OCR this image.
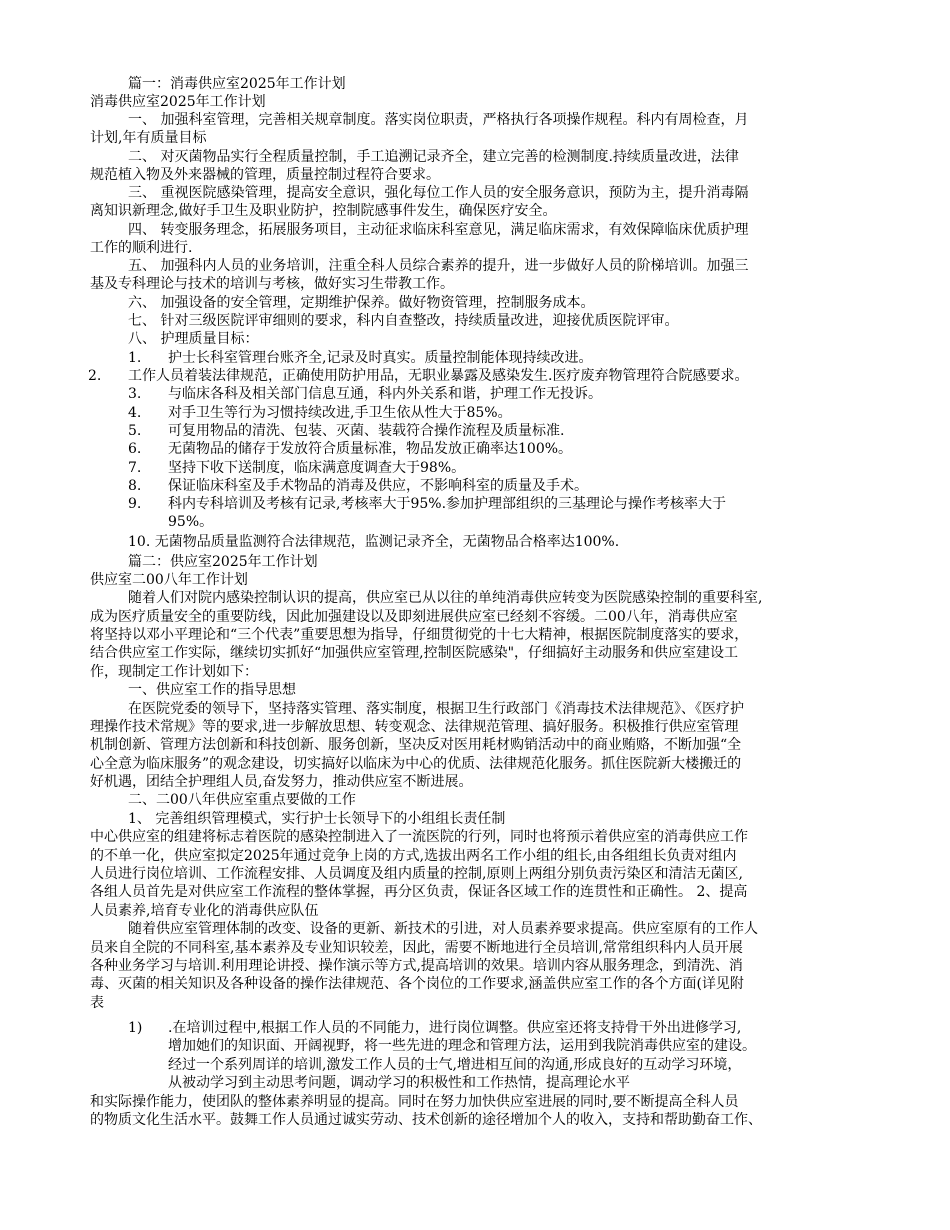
篇一：消毒供应室2025年工作计划
消毒供应室2025年工作计划
一、 加强科室管理，完善相关规章制度。落实岗位职责，严格执行各项操作规程。科内有周检查，月
计划,年有质量目标
二、 对灭菌物品实行全程质量控制，手工追溯记录齐全，建立完善的检测制度.持续质量改进，法律
规范植入物及外来器械的管理，质量控制过程符合要求。
三、 重视医院感染管理，提高安全意识，强化每位工作人员的安全服务意识，预防为主，提升消毒隔
离知识新理念,做好手卫生及职业防护，控制院感事件发生，确保医疗安全。
四、 转变服务理念，拓展服务项目，主动征求临床科室意见，满足临床需求，有效保障临床优质护理
工作的顺利进行.
五、 加强科内人员的业务培训，注重全科人员综合素养的提升，进一步做好人员的阶梯培训。加强三
基及专科理论与技术的培训与考核，做好实习生带教工作。
六、 加强设备的安全管理，定期维护保养。做好物资管理，控制服务成本。
七、 针对三级医院评审细则的要求，科内自查整改，持续质量改进，迎接优质医院评审。
八、 护理质量目标：
1. 护士长科室管理台账齐全,记录及时真实。质量控制能体现持续改进。
2. 工作人员着装法律规范，正确使用防护用品，无职业暴露及感染发生.医疗废弃物管理符合院感要求。
3. 与临床各科及相关部门信息互通，科内外关系和谐，护理工作无投诉。
4. 对手卫生等行为习惯持续改进,手卫生依从性大于85%。
5. 可复用物品的清洗、包装、灭菌、装载符合操作流程及质量标准.
6. 无菌物品的储存于发放符合质量标准，物品发放正确率达100%。
7. 坚持下收下送制度，临床满意度调查大于98%。
8. 保证临床科室及手术物品的消毒及供应，不影响科室的质量及手术。
9. 科内专科培训及考核有记录,考核率大于95%.参加护理部组织的三基理论与操作考核率大于
95%。
10. 无菌物品质量监测符合法律规范，监测记录齐全，无菌物品合格率达100%.
篇二：供应室2025年工作计划
供应室二00八年工作计划
随着人们对院内感染控制认识的提高，供应室已从以往的单纯消毒供应转变为医院感染控制的重要科室,
成为医疗质量安全的重要防线，因此加强建设以及即刻进展供应室已经刻不容缓。二00八年，消毒供应室
将坚持以邓小平理论和“三个代表”重要思想为指导，仔细贯彻党的十七大精神，根据医院制度落实的要求，
结合供应室工作实际，继续切实抓好“加强供应室管理,控制医院感染"，仔细搞好主动服务和供应室建设工
作，现制定工作计划如下：
一、供应室工作的指导思想
在医院党委的领导下，坚持落实管理、落实制度，根据卫生行政部门《消毒技术法律规范》、《医疗护
理操作技术常规》等的要求,进一步解放思想、转变观念、法律规范管理、搞好服务。积极推行供应室管理
机制创新、管理方法创新和科技创新、服务创新，坚决反对医用耗材购销活动中的商业贿赂，不断加强“全
心全意为临床服务”的观念建设，切实搞好以临床为中心的优质、法律规范化服务。抓住医院新大楼搬迁的
好机遇，团结全护理组人员,奋发努力，推动供应室不断进展。
二、二00八年供应室重点要做的工作
1、 完善组织管理模式，实行护士长领导下的小组组长责任制
中心供应室的组建将标志着医院的感染控制进入了一流医院的行列，同时也将预示着供应室的消毒供应工作
的不单一化，供应室拟定2025年通过竞争上岗的方式,选拔出两名工作小组的组长,由各组组长负责对组内
人员进行岗位培训、工作流程安排、人员调度及组内质量的控制,原则上两组分别负责污染区和清洁无菌区,
各组人员首先是对供应室工作流程的整体掌握，再分区负责，保证各区域工作的连贯性和正确性。 2、提高
人员素养,培育专业化的消毒供应队伍
随着供应室管理体制的改变、设备的更新、新技术的引进，对人员素养要求提高。供应室原有的工作人
员来自全院的不同科室,基本素养及专业知识较差，因此，需要不断地进行全员培训,常常组织科内人员开展
各种业务学习与培训.利用理论讲授、操作演示等方式,提高培训的效果。培训内容从服务理念，到清洗、消
毒、灭菌的相关知识及各种设备的操作法律规范、各个岗位的工作要求,涵盖供应室工作的各个方面(详见附
表
1) .在培训过程中,根据工作人员的不同能力，进行岗位调整。供应室还将支持骨干外出进修学习,
增加她们的知识面、开阔视野，将一些先进的理念和管理方法，运用到我院消毒供应室的建设。
经过一个系列周详的培训,激发工作人员的士气,增进相互间的沟通,形成良好的互动学习环境，
从被动学习到主动思考问题，调动学习的积极性和工作热情，提高理论水平
和实际操作能力，使团队的整体素养明显的提高。同时在努力加快供应室进展的同时,要不断提高全科人员
的物质文化生活水平。鼓舞工作人员通过诚实劳动、技术创新的途径增加个人的收入，支持和帮助勤奋工作、
